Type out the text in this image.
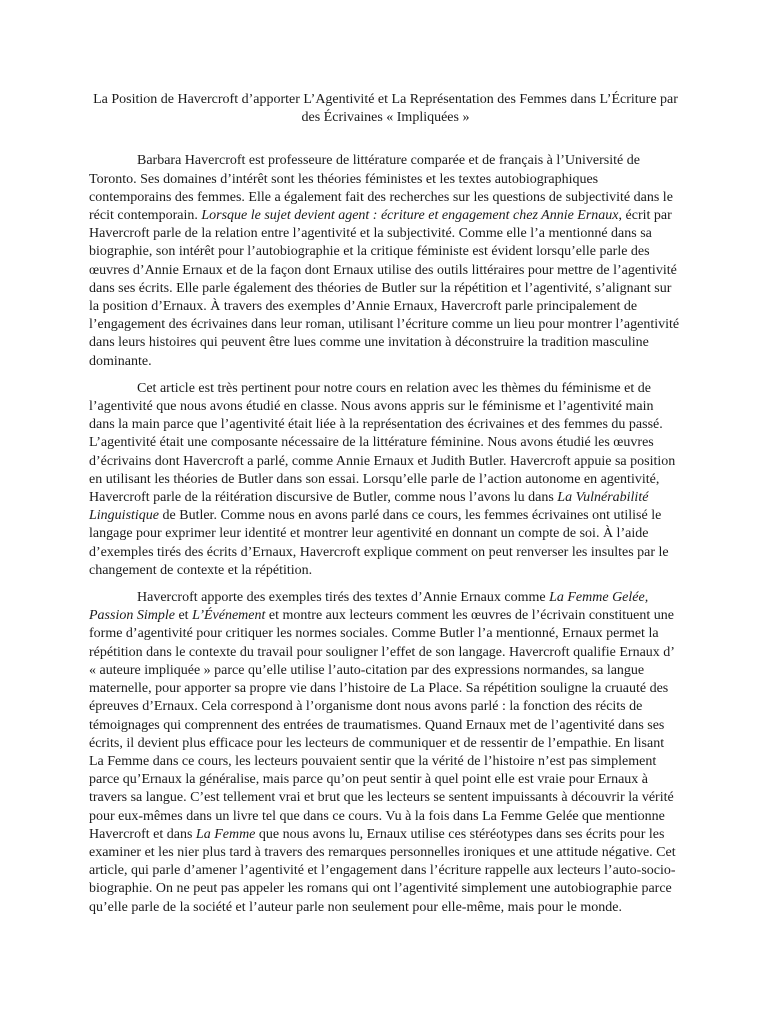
La Position de Havercroft d’apporter L’Agentivité et La Représentation des Femmes dans L’Écriture par des Écrivaines « Impliquées »

Barbara Havercroft est professeure de littérature comparée et de français à l’Université de Toronto. Ses domaines d’intérêt sont les théories féministes et les textes autobiographiques contemporains des femmes. Elle a également fait des recherches sur les questions de subjectivité dans le récit contemporain. Lorsque le sujet devient agent : écriture et engagement chez Annie Ernaux, écrit par Havercroft parle de la relation entre l’agentivité et la subjectivité. Comme elle l’a mentionné dans sa biographie, son intérêt pour l’autobiographie et la critique féministe est évident lorsqu’elle parle des œuvres d’Annie Ernaux et de la façon dont Ernaux utilise des outils littéraires pour mettre de l’agentivité dans ses écrits. Elle parle également des théories de Butler sur la répétition et l’agentivité, s’alignant sur la position d’Ernaux. À travers des exemples d’Annie Ernaux, Havercroft parle principalement de l’engagement des écrivaines dans leur roman, utilisant l’écriture comme un lieu pour montrer l’agentivité dans leurs histoires qui peuvent être lues comme une invitation à déconstruire la tradition masculine dominante.

Cet article est très pertinent pour notre cours en relation avec les thèmes du féminisme et de l’agentivité que nous avons étudié en classe. Nous avons appris sur le féminisme et l’agentivité main dans la main parce que l’agentivité était liée à la représentation des écrivaines et des femmes du passé. L’agentivité était une composante nécessaire de la littérature féminine. Nous avons étudié les œuvres d’écrivains dont Havercroft a parlé, comme Annie Ernaux et Judith Butler. Havercroft appuie sa position en utilisant les théories de Butler dans son essai. Lorsqu’elle parle de l’action autonome en agentivité, Havercroft parle de la réitération discursive de Butler, comme nous l’avons lu dans La Vulnérabilité Linguistique de Butler. Comme nous en avons parlé dans ce cours, les femmes écrivaines ont utilisé le langage pour exprimer leur identité et montrer leur agentivité en donnant un compte de soi. À l’aide d’exemples tirés des écrits d’Ernaux, Havercroft explique comment on peut renverser les insultes par le changement de contexte et la répétition.

Havercroft apporte des exemples tirés des textes d’Annie Ernaux comme La Femme Gelée, Passion Simple et L’Événement et montre aux lecteurs comment les œuvres de l’écrivain constituent une forme d’agentivité pour critiquer les normes sociales. Comme Butler l’a mentionné, Ernaux permet la répétition dans le contexte du travail pour souligner l’effet de son langage. Havercroft qualifie Ernaux d’ « auteure impliquée » parce qu’elle utilise l’auto-citation par des expressions normandes, sa langue maternelle, pour apporter sa propre vie dans l’histoire de La Place. Sa répétition souligne la cruauté des épreuves d’Ernaux. Cela correspond à l’organisme dont nous avons parlé : la fonction des récits de témoignages qui comprennent des entrées de traumatismes. Quand Ernaux met de l’agentivité dans ses écrits, il devient plus efficace pour les lecteurs de communiquer et de ressentir de l’empathie. En lisant La Femme dans ce cours, les lecteurs pouvaient sentir que la vérité de l’histoire n’est pas simplement parce qu’Ernaux la généralise, mais parce qu’on peut sentir à quel point elle est vraie pour Ernaux à travers sa langue. C’est tellement vrai et brut que les lecteurs se sentent impuissants à découvrir la vérité pour eux-mêmes dans un livre tel que dans ce cours. Vu à la fois dans La Femme Gelée que mentionne Havercroft et dans La Femme que nous avons lu, Ernaux utilise ces stéréotypes dans ses écrits pour les examiner et les nier plus tard à travers des remarques personnelles ironiques et une attitude négative. Cet article, qui parle d’amener l’agentivité et l’engagement dans l’écriture rappelle aux lecteurs l’auto-socio-biographie. On ne peut pas appeler les romans qui ont l’agentivité simplement une autobiographie parce qu’elle parle de la société et l’auteur parle non seulement pour elle-même, mais pour le monde.
